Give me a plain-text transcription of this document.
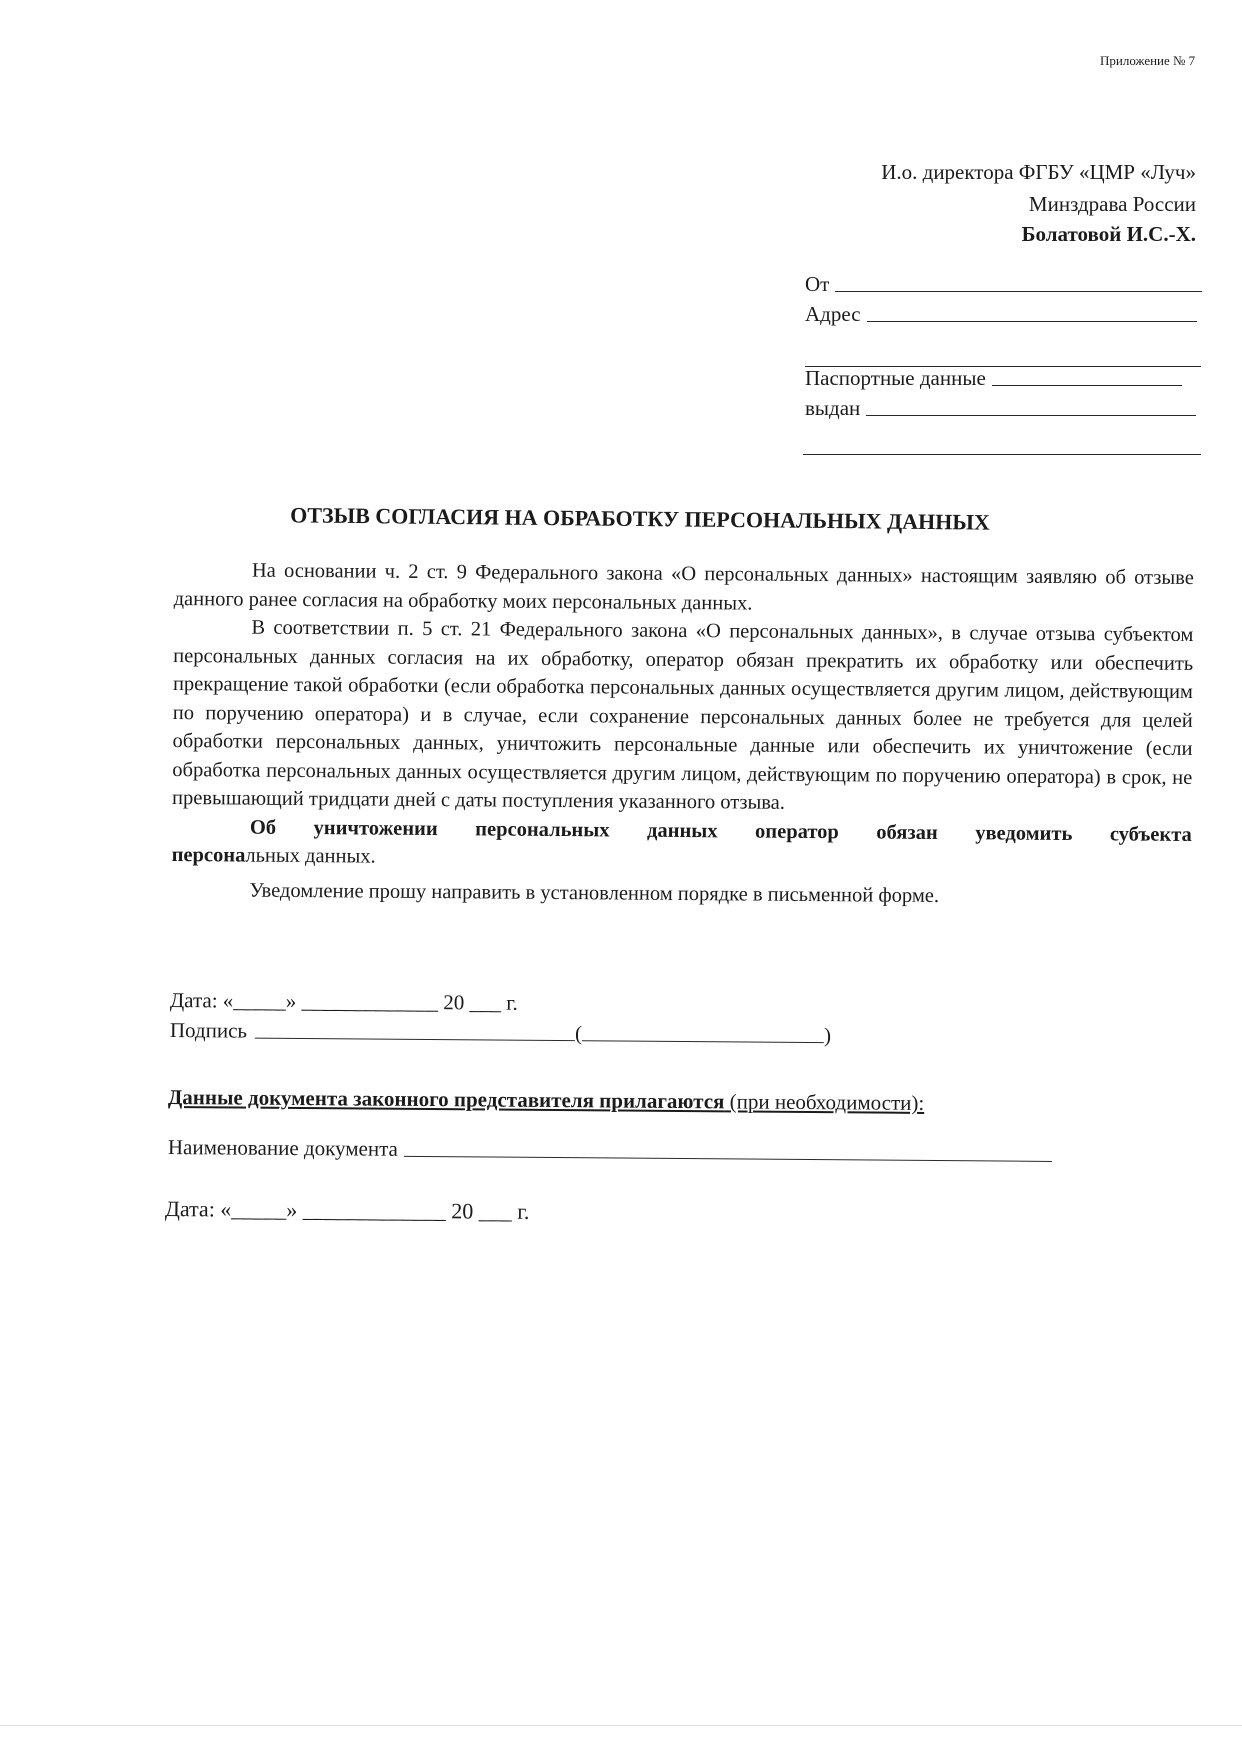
Приложение № 7
И.о. директора ФГБУ «ЦМР «Луч»
Минздрава России
Болатовой И.С.-Х.
От
Адрес
Паспортные данные
выдан
ОТЗЫВ СОГЛАСИЯ НА ОБРАБОТКУ ПЕРСОНАЛЬНЫХ ДАННЫХ

На основании ч. 2 ст. 9 Федерального закона «О персональных данных» настоящим заявляю об отзыве данного ранее согласия на обработку моих персональных данных.

В соответствии п. 5 ст. 21 Федерального закона «О персональных данных», в случае отзыва субъектом персональных данных согласия на их обработку, оператор обязан прекратить их обработку или обеспечить прекращение такой обработки (если обработка персональных данных осуществляется другим лицом, действующим по поручению оператора) и в случае, если сохранение персональных данных более не требуется для целей обработки персональных данных, уничтожить персональные данные или обеспечить их уничтожение (если обработка персональных данных осуществляется другим лицом, действующим по поручению оператора) в срок, не превышающий тридцати дней с даты поступления указанного отзыва.

Об уничтожении персональных данных оператор обязан уведомить субъекта персональных данных.

Уведомление прошу направить в установленном порядке в письменной форме.

Дата: «_____» _____________ 20 ___ г.
Подпись	(	)
Данные документа законного представителя прилагаются (при необходимости):
Наименование документа
Дата: «_____» _____________ 20 ___ г.
